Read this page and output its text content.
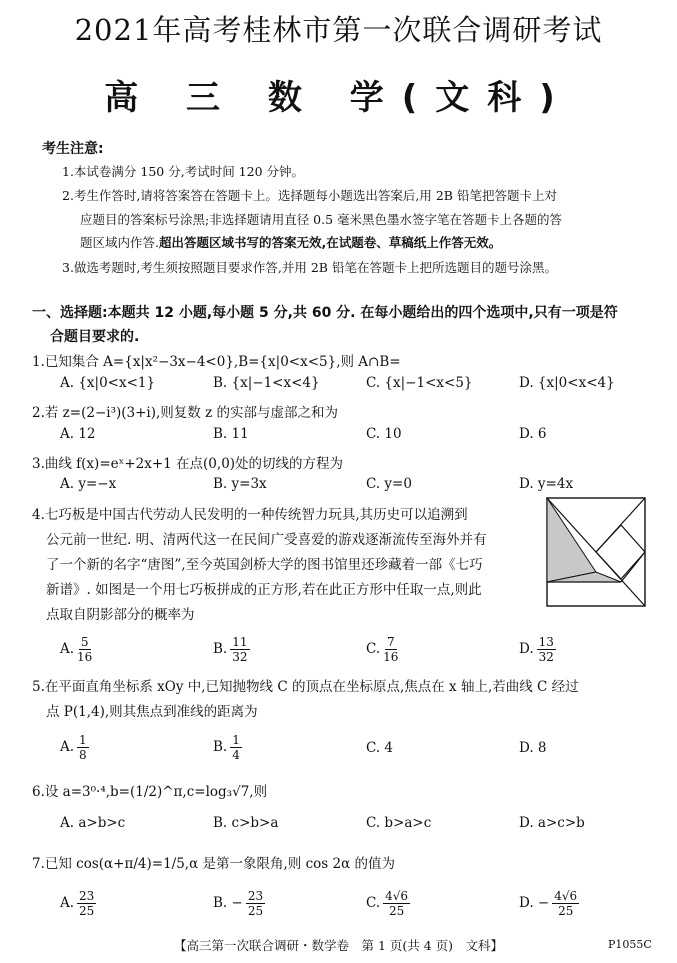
2021年高考桂林市第一次联合调研考试
高 三 数 学(文科)
考生注意:
1.本试卷满分 150 分,考试时间 120 分钟。
2.考生作答时,请将答案答在答题卡上。选择题每小题选出答案后,用 2B 铅笔把答题卡上对
应题目的答案标号涂黑;非选择题请用直径 0.5 毫米黑色墨水签字笔在答题卡上各题的答
题区域内作答.超出答题区域书写的答案无效,在试题卷、草稿纸上作答无效。
3.做选考题时,考生须按照题目要求作答,并用 2B 铅笔在答题卡上把所选题目的题号涂黑。
一、选择题:本题共 12 小题,每小题 5 分,共 60 分. 在每小题给出的四个选项中,只有一项是符
合题目要求的.
1.已知集合 A={x|x²−3x−4<0},B={x|0<x<5},则 A∩B=
A. {x|0<x<1}	B. {x|−1<x<4}	C. {x|−1<x<5}	D. {x|0<x<4}
2.若 z=(2−i³)(3+i),则复数 z 的实部与虚部之和为
A. 12	B. 11	C. 10	D. 6
3.曲线 f(x)=eˣ+2x+1 在点(0,0)处的切线的方程为
A. y=−x	B. y=3x	C. y=0	D. y=4x
4.七巧板是中国古代劳动人民发明的一种传统智力玩具,其历史可以追溯到
公元前一世纪. 明、清两代这一在民间广受喜爱的游戏逐渐流传至海外并有
了一个新的名字“唐图”,至今英国剑桥大学的图书馆里还珍藏着一部《七巧
新谱》. 如图是一个用七巧板拼成的正方形,若在此正方形中任取一点,则此
点取自阴影部分的概率为
A. $\frac{5}{16}$	B. $\frac{11}{32}$	C. $\frac{7}{16}$	D. $\frac{13}{32}$
5.在平面直角坐标系 xOy 中,已知抛物线 C 的顶点在坐标原点,焦点在 x 轴上,若曲线 C 经过
点 P(1,4),则其焦点到准线的距离为
A. $\frac{1}{8}$	B. $\frac{1}{4}$	C. 4	D. 8
6.设 a=3⁰·⁴,b=(1/2)^π,c=log₃√7,则
A. a>b>c	B. c>b>a	C. b>a>c	D. a>c>b
7.已知 cos(α+π/4)=1/5,α 是第一象限角,则 cos 2α 的值为
A. $\frac{23}{25}$	B. − $\frac{23}{25}$	C. $\frac{4√6}{25}$	D. − $\frac{4√6}{25}$
【高三第一次联合调研・数学卷　第 1 页(共 4 页)　文科】	P1055C
